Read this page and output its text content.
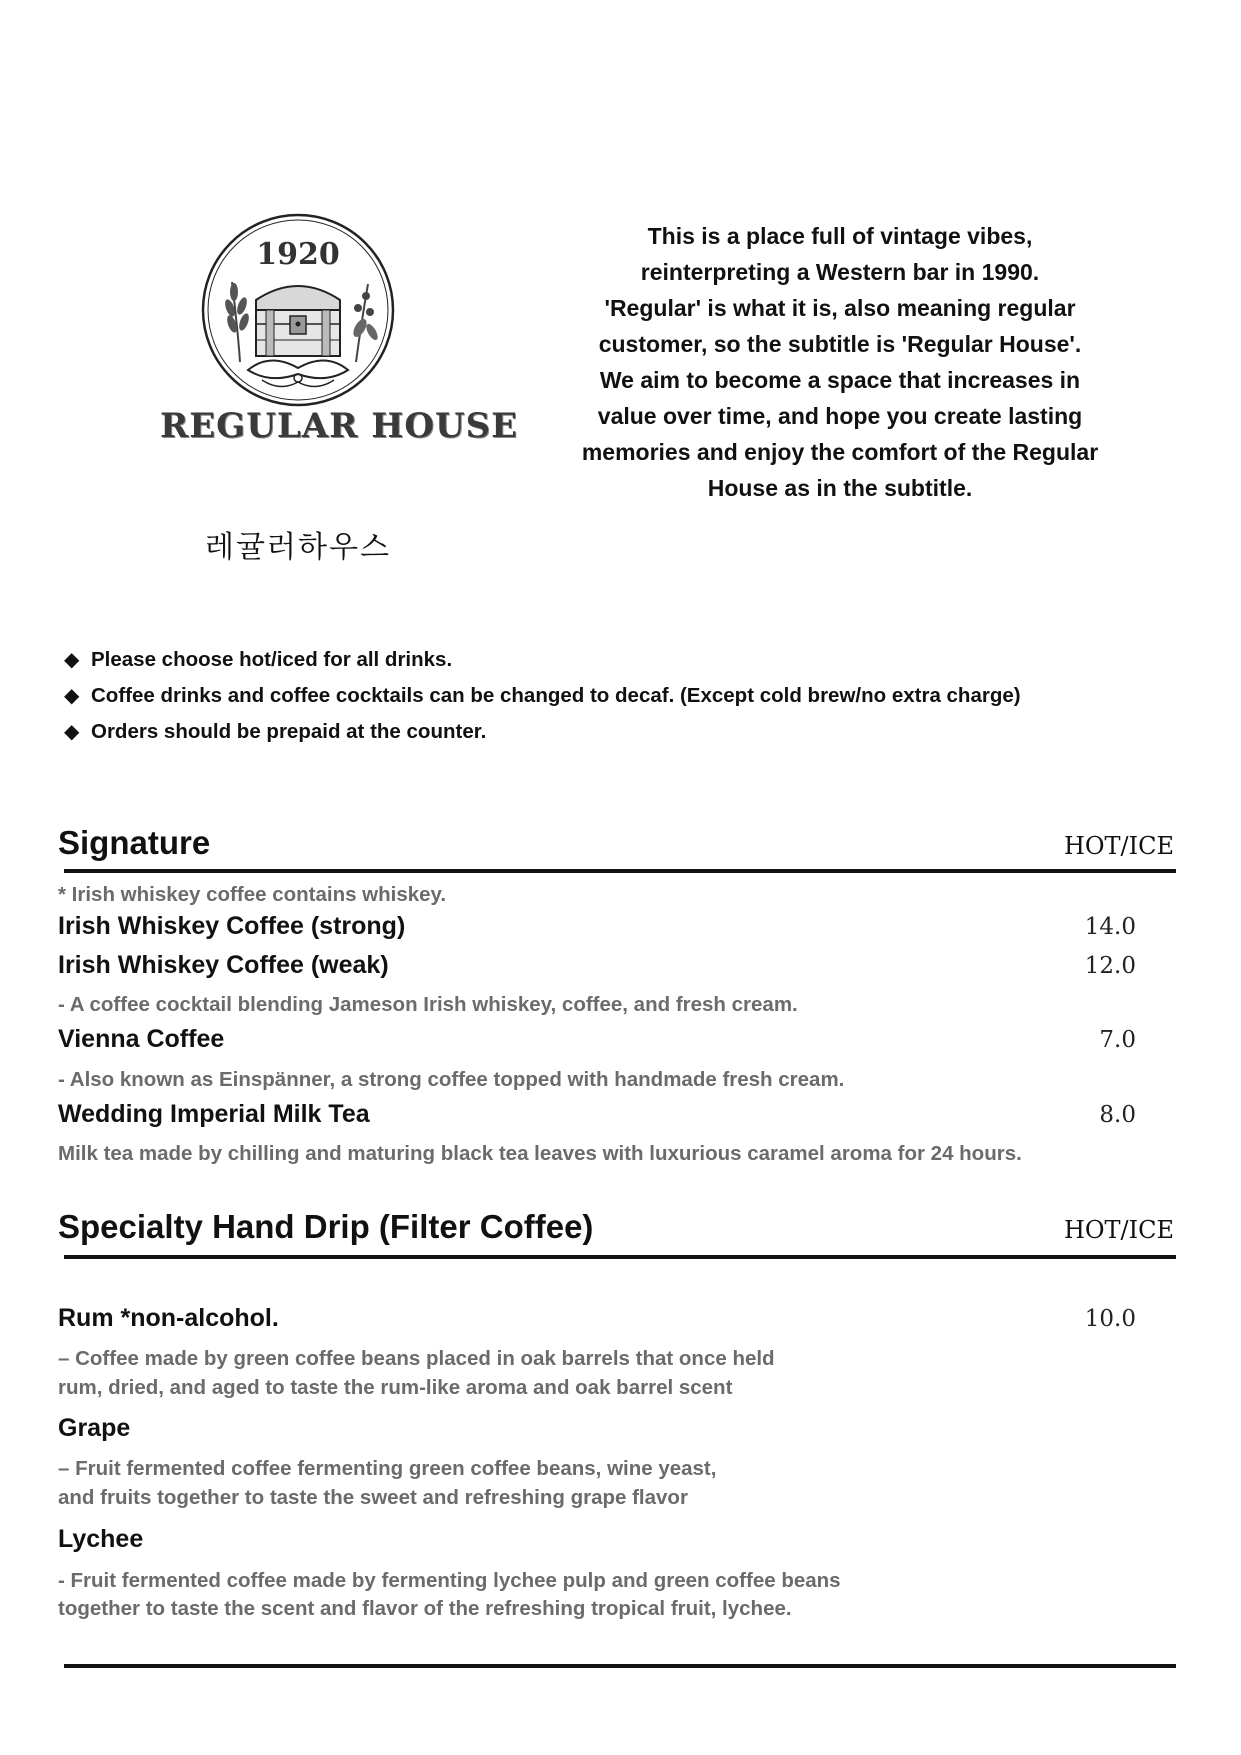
1920
REGULAR HOUSE
레귤러하우스
This is a place full of vintage vibes,
reinterpreting a Western bar in 1990.
'Regular' is what it is, also meaning regular
customer, so the subtitle is 'Regular House'.
We aim to become a space that increases in
value over time, and hope you create lasting
memories and enjoy the comfort of the Regular
House as in the subtitle.
◆ Please choose hot/iced for all drinks.
◆ Coffee drinks and coffee cocktails can be changed to decaf. (Except cold brew/no extra charge)
◆ Orders should be prepaid at the counter.
Signature	HOT/ICE
* Irish whiskey coffee contains whiskey.
Irish Whiskey Coffee (strong)	14.0
Irish Whiskey Coffee (weak)	12.0
- A coffee cocktail blending Jameson Irish whiskey, coffee, and fresh cream.
Vienna Coffee	7.0
- Also known as Einspänner, a strong coffee topped with handmade fresh cream.
Wedding Imperial Milk Tea	8.0
Milk tea made by chilling and maturing black tea leaves with luxurious caramel aroma for 24 hours.
Specialty Hand Drip (Filter Coffee)	HOT/ICE
Rum *non-alcohol.	10.0
– Coffee made by green coffee beans placed in oak barrels that once held
rum, dried, and aged to taste the rum-like aroma and oak barrel scent
Grape
– Fruit fermented coffee fermenting green coffee beans, wine yeast,
and fruits together to taste the sweet and refreshing grape flavor
Lychee
- Fruit fermented coffee made by fermenting lychee pulp and green coffee beans
together to taste the scent and flavor of the refreshing tropical fruit, lychee.
